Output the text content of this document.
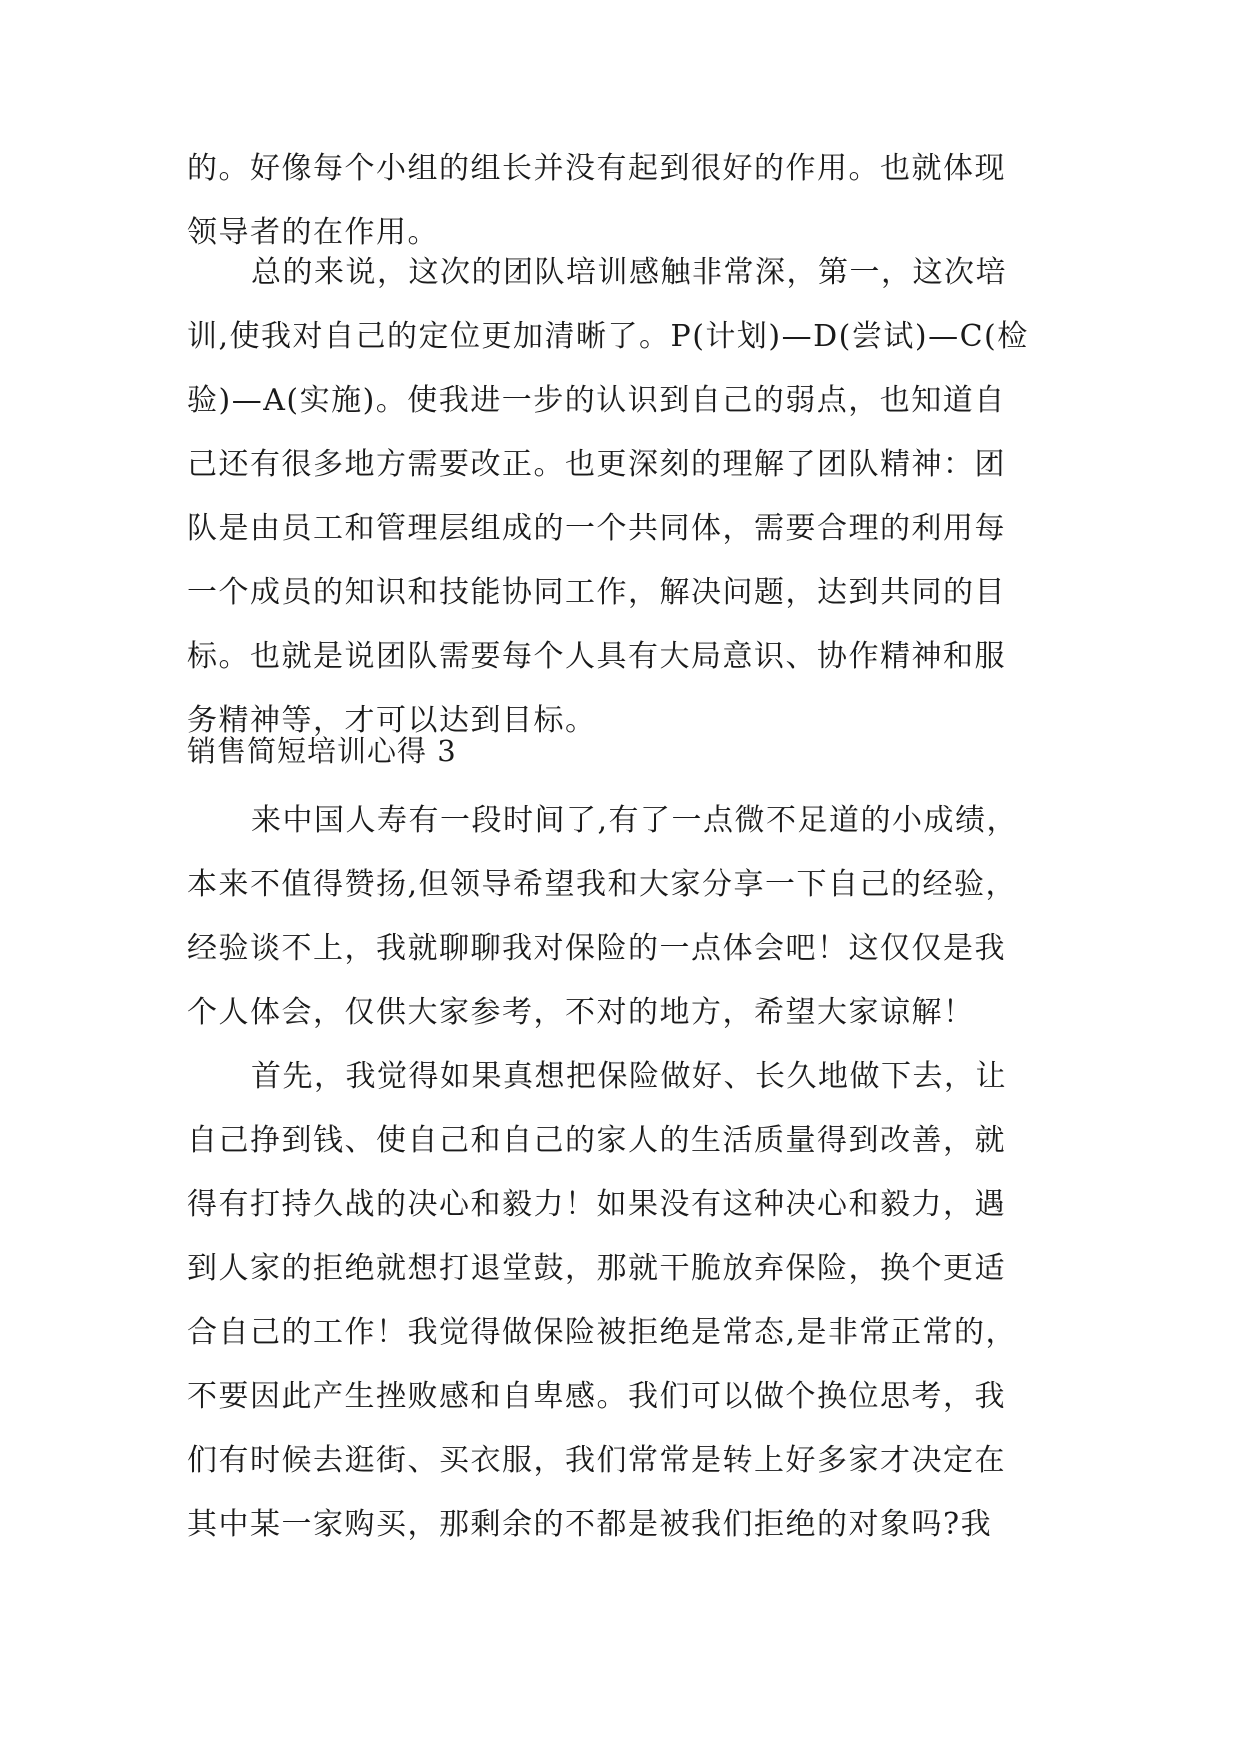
的。好像每个小组的组长并没有起到很好的作用。也就体现
领导者的在作用。
总的来说，这次的团队培训感触非常深，第一，这次培
训,使我对自己的定位更加清晰了。P(计划)—D(尝试)—C(检
验)—A(实施)。使我进一步的认识到自己的弱点，也知道自
己还有很多地方需要改正。也更深刻的理解了团队精神：团
队是由员工和管理层组成的一个共同体，需要合理的利用每
一个成员的知识和技能协同工作，解决问题，达到共同的目
标。也就是说团队需要每个人具有大局意识、协作精神和服
务精神等，才可以达到目标。
销售简短培训心得 3
来中国人寿有一段时间了,有了一点微不足道的小成绩，
本来不值得赞扬,但领导希望我和大家分享一下自己的经验，
经验谈不上，我就聊聊我对保险的一点体会吧！这仅仅是我
个人体会，仅供大家参考，不对的地方，希望大家谅解！
首先，我觉得如果真想把保险做好、长久地做下去，让
自己挣到钱、使自己和自己的家人的生活质量得到改善，就
得有打持久战的决心和毅力！如果没有这种决心和毅力，遇
到人家的拒绝就想打退堂鼓，那就干脆放弃保险，换个更适
合自己的工作！我觉得做保险被拒绝是常态,是非常正常的，
不要因此产生挫败感和自卑感。我们可以做个换位思考，我
们有时候去逛街、买衣服，我们常常是转上好多家才决定在
其中某一家购买，那剩余的不都是被我们拒绝的对象吗?我
